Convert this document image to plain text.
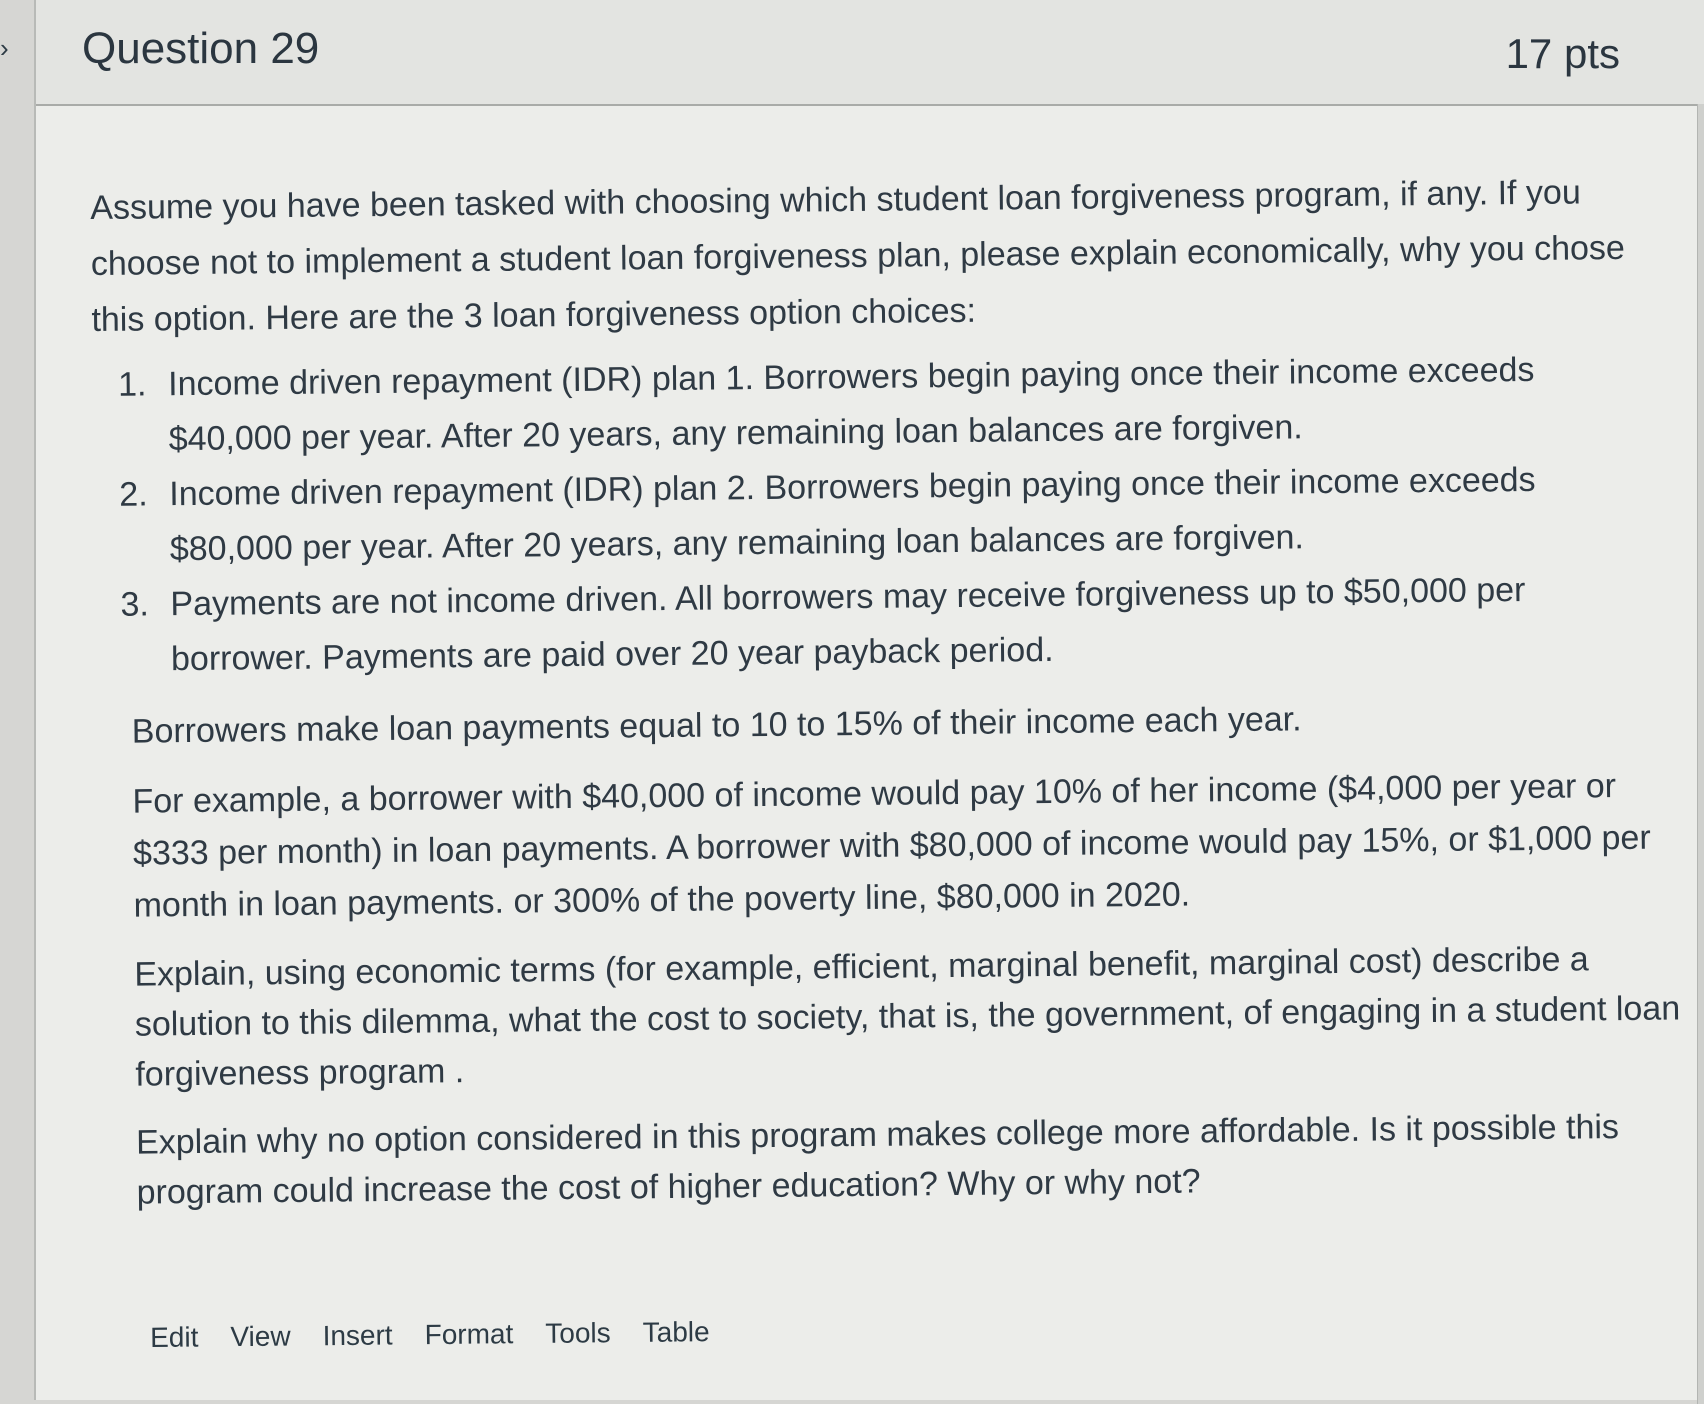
› Question 29	17 pts

Assume you have been tasked with choosing which student loan forgiveness program, if any. If you choose not to implement a student loan forgiveness plan, please explain economically, why you chose this option. Here are the 3 loan forgiveness option choices:

1. Income driven repayment (IDR) plan 1. Borrowers begin paying once their income exceeds $40,000 per year. After 20 years, any remaining loan balances are forgiven.
2. Income driven repayment (IDR) plan 2. Borrowers begin paying once their income exceeds $80,000 per year. After 20 years, any remaining loan balances are forgiven.
3. Payments are not income driven. All borrowers may receive forgiveness up to $50,000 per borrower. Payments are paid over 20 year payback period.

Borrowers make loan payments equal to 10 to 15% of their income each year.

For example, a borrower with $40,000 of income would pay 10% of her income ($4,000 per year or $333 per month) in loan payments. A borrower with $80,000 of income would pay 15%, or $1,000 per month in loan payments. or 300% of the poverty line, $80,000 in 2020.

Explain, using economic terms (for example, efficient, marginal benefit, marginal cost) describe a solution to this dilemma, what the cost to society, that is, the government, of engaging in a student loan forgiveness program .

Explain why no option considered in this program makes college more affordable. Is it possible this program could increase the cost of higher education? Why or why not?

Edit View Insert Format Tools Table
